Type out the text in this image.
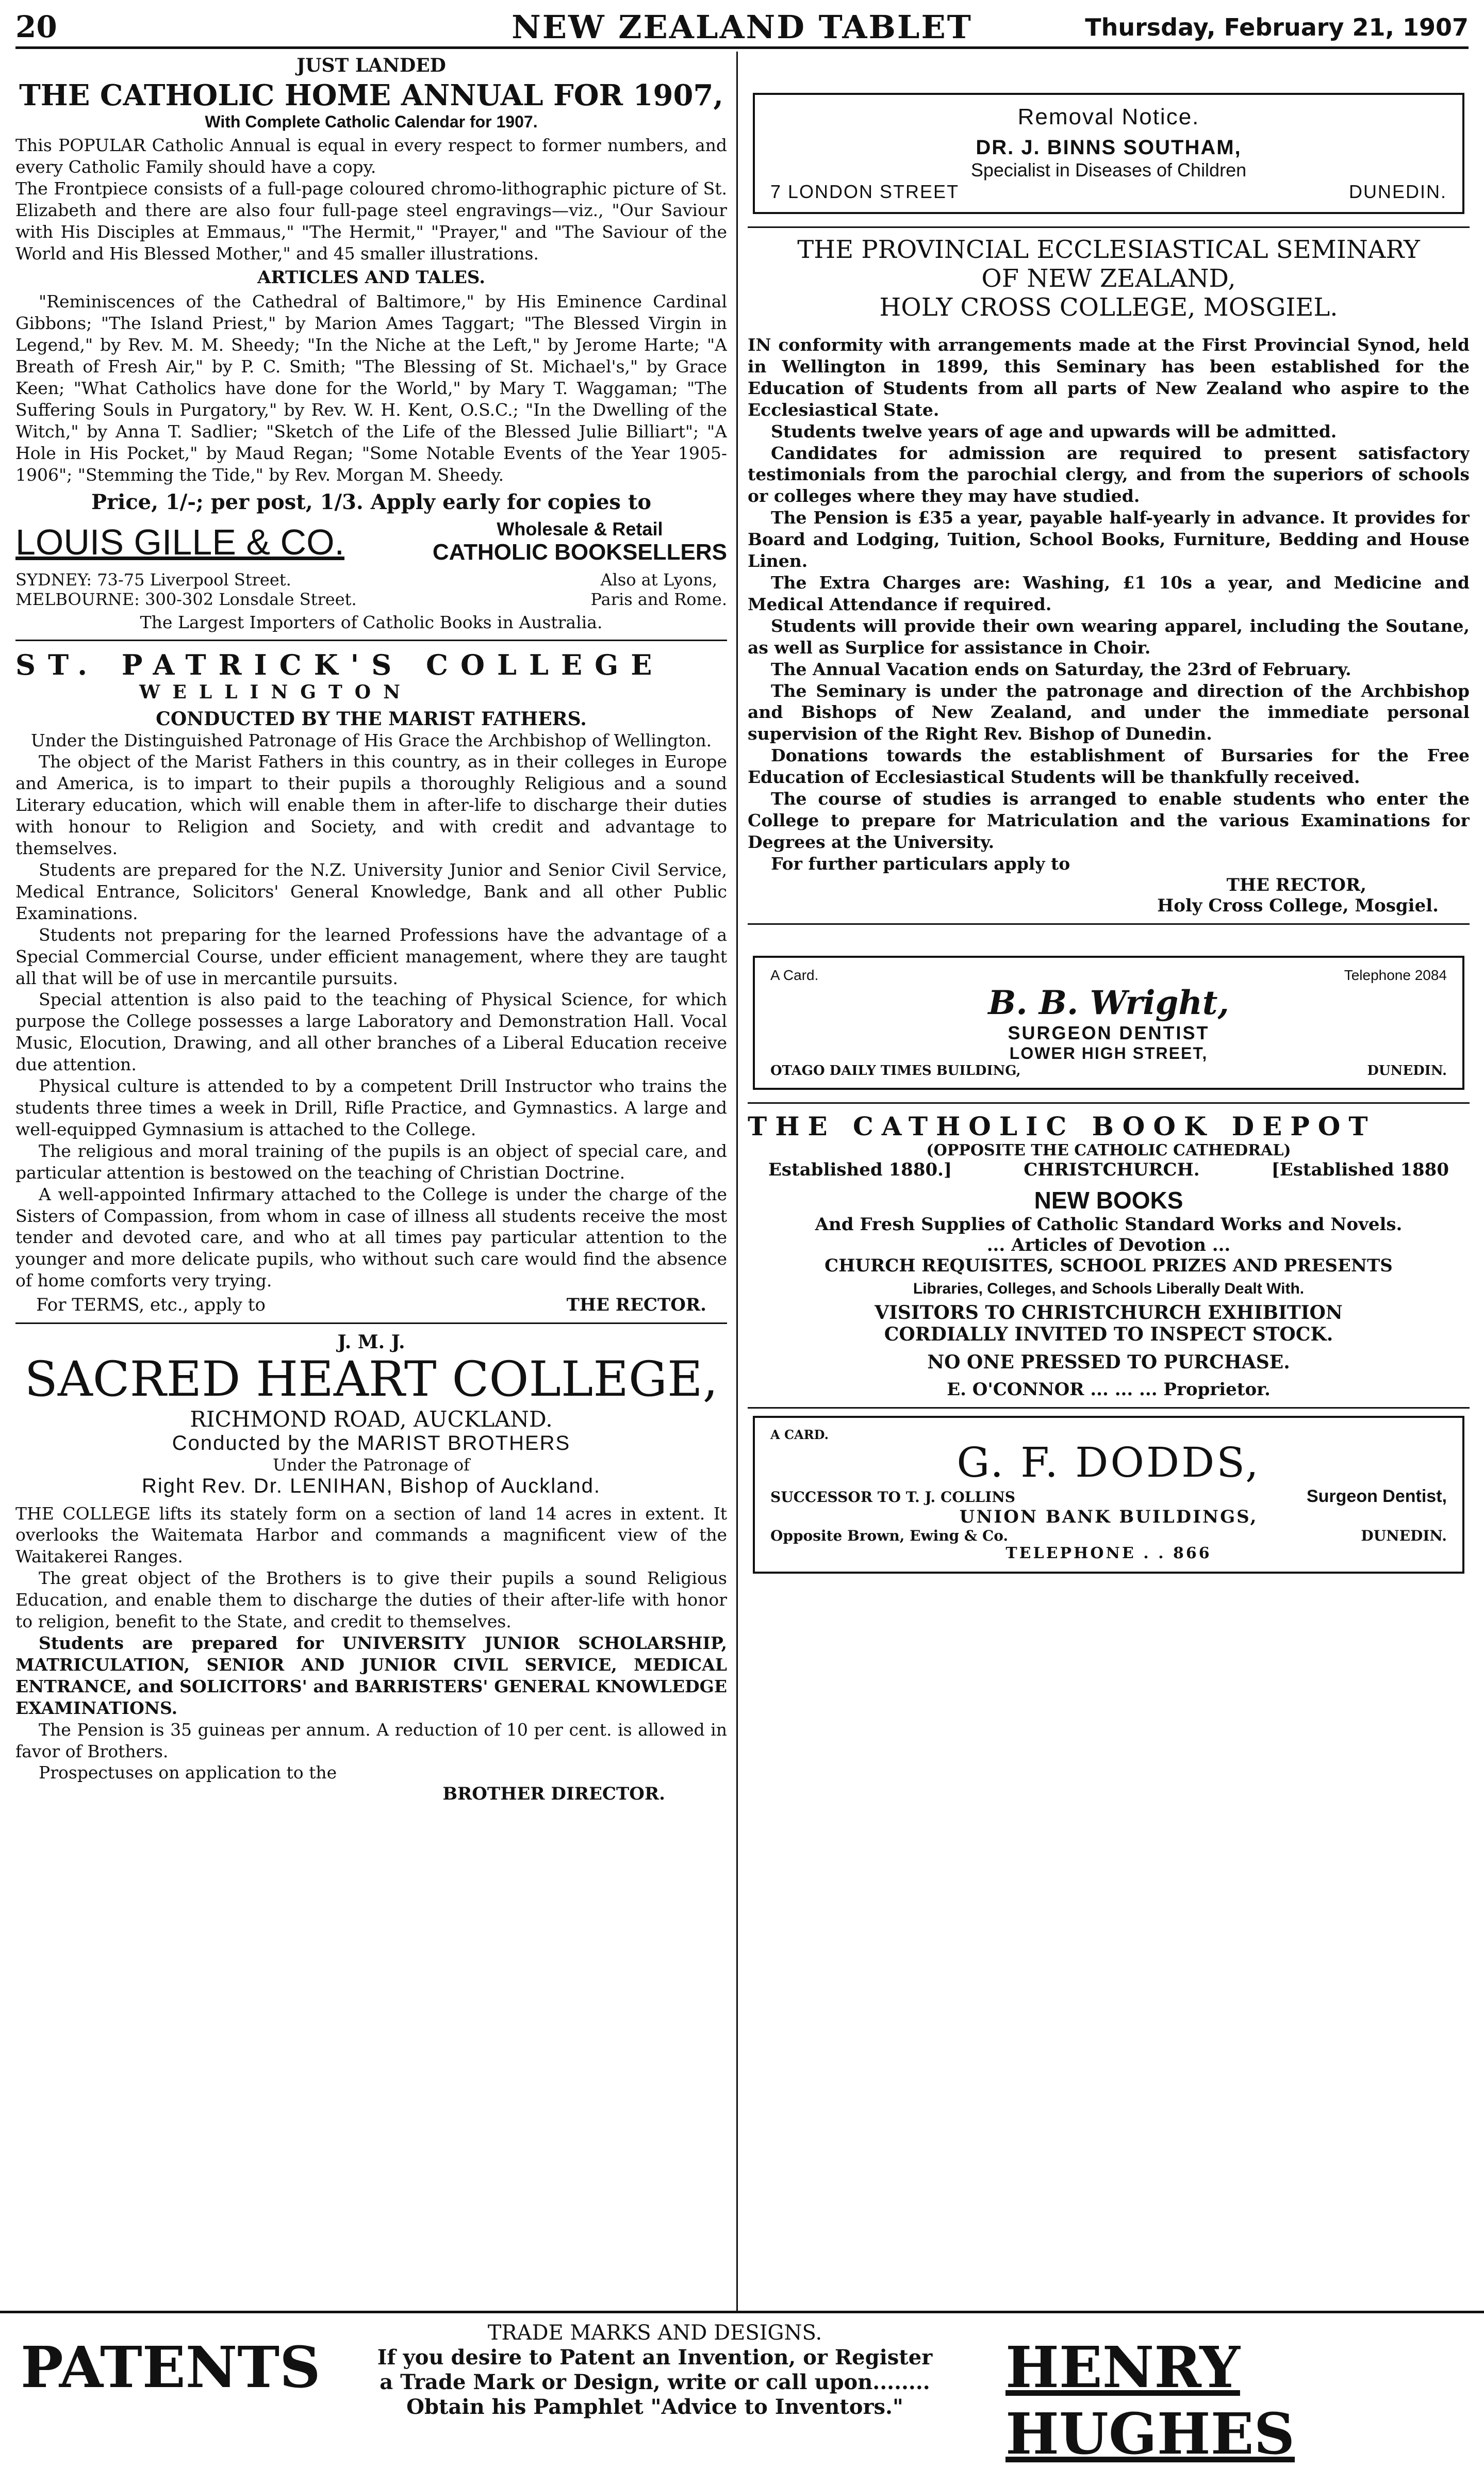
20	NEW ZEALAND TABLET	Thursday, February 21, 1907
JUST LANDED
THE CATHOLIC HOME ANNUAL FOR 1907,
With Complete Catholic Calendar for 1907.

This POPULAR Catholic Annual is equal in every respect to former numbers, and every Catholic Family should have a copy.

The Frontpiece consists of a full-page coloured chromo-lithographic picture of St. Elizabeth and there are also four full-page steel engravings—viz., "Our Saviour with His Disciples at Emmaus," "The Hermit," "Prayer," and "The Saviour of the World and His Blessed Mother," and 45 smaller illustrations.

ARTICLES AND TALES.

"Reminiscences of the Cathedral of Baltimore," by His Eminence Cardinal Gibbons; "The Island Priest," by Marion Ames Taggart; "The Blessed Virgin in Legend," by Rev. M. M. Sheedy; "In the Niche at the Left," by Jerome Harte; "A Breath of Fresh Air," by P. C. Smith; "The Blessing of St. Michael's," by Grace Keen; "What Catholics have done for the World," by Mary T. Waggaman; "The Suffering Souls in Purgatory," by Rev. W. H. Kent, O.S.C.; "In the Dwelling of the Witch," by Anna T. Sadlier; "Sketch of the Life of the Blessed Julie Billiart"; "A Hole in His Pocket," by Maud Regan; "Some Notable Events of the Year 1905-1906"; "Stemming the Tide," by Rev. Morgan M. Sheedy.

Price, 1/-; per post, 1/3. Apply early for copies to
LOUIS GILLE & CO.	Wholesale & Retail
CATHOLIC BOOKSELLERS
SYDNEY: 73-75 Liverpool Street.
MELBOURNE: 300-302 Lonsdale Street.
Also at Lyons,
Paris and Rome.
The Largest Importers of Catholic Books in Australia.
ST. PATRICK'S COLLEGE
WELLINGTON
CONDUCTED BY THE MARIST FATHERS.
Under the Distinguished Patronage of His Grace the Archbishop of Wellington.

The object of the Marist Fathers in this country, as in their colleges in Europe and America, is to impart to their pupils a thoroughly Religious and a sound Literary education, which will enable them in after-life to discharge their duties with honour to Religion and Society, and with credit and advantage to themselves.

Students are prepared for the N.Z. University Junior and Senior Civil Service, Medical Entrance, Solicitors' General Knowledge, Bank and all other Public Examinations.

Students not preparing for the learned Professions have the advantage of a Special Commercial Course, under efficient management, where they are taught all that will be of use in mercantile pursuits.

Special attention is also paid to the teaching of Physical Science, for which purpose the College possesses a large Laboratory and Demonstration Hall. Vocal Music, Elocution, Drawing, and all other branches of a Liberal Education receive due attention.

Physical culture is attended to by a competent Drill Instructor who trains the students three times a week in Drill, Rifle Practice, and Gymnastics. A large and well-equipped Gymnasium is attached to the College.

The religious and moral training of the pupils is an object of special care, and particular attention is bestowed on the teaching of Christian Doctrine.

A well-appointed Infirmary attached to the College is under the charge of the Sisters of Compassion, from whom in case of illness all students receive the most tender and devoted care, and who at all times pay particular attention to the younger and more delicate pupils, who without such care would find the absence of home comforts very trying.

For TERMS, etc., apply to	THE RECTOR.
J. M. J.
SACRED HEART COLLEGE,
RICHMOND ROAD, AUCKLAND.
Conducted by the MARIST BROTHERS
Under the Patronage of
Right Rev. Dr. LENIHAN, Bishop of Auckland.

THE COLLEGE lifts its stately form on a section of land 14 acres in extent. It overlooks the Waitemata Harbor and commands a magnificent view of the Waitakerei Ranges.

The great object of the Brothers is to give their pupils a sound Religious Education, and enable them to discharge the duties of their after-life with honor to religion, benefit to the State, and credit to themselves.

Students are prepared for UNIVERSITY JUNIOR SCHOLARSHIP, MATRICULATION, SENIOR AND JUNIOR CIVIL SERVICE, MEDICAL ENTRANCE, and SOLICITORS' and BARRISTERS' GENERAL KNOWLEDGE EXAMINATIONS.

The Pension is 35 guineas per annum. A reduction of 10 per cent. is allowed in favor of Brothers.

Prospectuses on application to the

BROTHER DIRECTOR.
Removal Notice.
DR. J. BINNS SOUTHAM,
Specialist in Diseases of Children
7 LONDON STREET	DUNEDIN.
THE PROVINCIAL ECCLESIASTICAL SEMINARY
OF NEW ZEALAND,
HOLY CROSS COLLEGE, MOSGIEL.

IN conformity with arrangements made at the First Provincial Synod, held in Wellington in 1899, this Seminary has been established for the Education of Students from all parts of New Zealand who aspire to the Ecclesiastical State.

Students twelve years of age and upwards will be admitted.

Candidates for admission are required to present satisfactory testimonials from the parochial clergy, and from the superiors of schools or colleges where they may have studied.

The Pension is £35 a year, payable half-yearly in advance. It provides for Board and Lodging, Tuition, School Books, Furniture, Bedding and House Linen.

The Extra Charges are: Washing, £1 10s a year, and Medicine and Medical Attendance if required.

Students will provide their own wearing apparel, including the Soutane, as well as Surplice for assistance in Choir.

The Annual Vacation ends on Saturday, the 23rd of February.

The Seminary is under the patronage and direction of the Archbishop and Bishops of New Zealand, and under the immediate personal supervision of the Right Rev. Bishop of Dunedin.

Donations towards the establishment of Bursaries for the Free Education of Ecclesiastical Students will be thankfully received.

The course of studies is arranged to enable students who enter the College to prepare for Matriculation and the various Examinations for Degrees at the University.

For further particulars apply to

THE RECTOR,
Holy Cross College, Mosgiel.
A Card.	Telephone 2084
B. B. Wright,
SURGEON DENTIST
LOWER HIGH STREET,
OTAGO DAILY TIMES BUILDING,	DUNEDIN.
THE CATHOLIC BOOK DEPOT
(OPPOSITE THE CATHOLIC CATHEDRAL)
Established 1880.]	CHRISTCHURCH.	[Established 1880
NEW BOOKS
And Fresh Supplies of Catholic Standard Works and Novels.
... Articles of Devotion ...
CHURCH REQUISITES, SCHOOL PRIZES AND PRESENTS
Libraries, Colleges, and Schools Liberally Dealt With.
VISITORS TO CHRISTCHURCH EXHIBITION
CORDIALLY INVITED TO INSPECT STOCK.
NO ONE PRESSED TO PURCHASE.
E. O'CONNOR ... ... ... Proprietor.
A CARD.
G. F. DODDS,
SUCCESSOR TO T. J. COLLINS	Surgeon Dentist,
UNION BANK BUILDINGS,
Opposite Brown, Ewing & Co.	DUNEDIN.
TELEPHONE . . 866
PATENTS
TRADE MARKS AND DESIGNS.
If you desire to Patent an Invention, or Register
a Trade Mark or Design, write or call upon........
Obtain his Pamphlet "Advice to Inventors."
HENRY HUGHES
